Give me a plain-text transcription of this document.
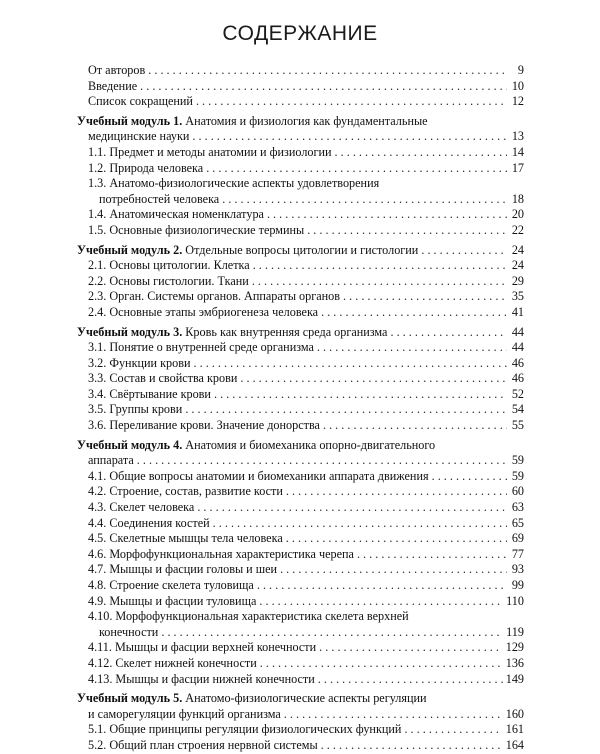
СОДЕРЖАНИЕ
От авторов . . .	9
Введение . . .	10
Список сокращений . . .	12
Учебный модуль 1. Анатомия и физиология как фундаментальные
медицинские науки . . .	13
1.1. Предмет и методы анатомии и физиологии . . .	14
1.2. Природа человека . . .	17
1.3. Анатомо-физиологические аспекты удовлетворения
потребностей человека . . .	18
1.4. Анатомическая номенклатура . . .	20
1.5. Основные физиологические термины . . .	22
Учебный модуль 2. Отдельные вопросы цитологии и гистологии . . .	24
2.1. Основы цитологии. Клетка . . .	24
2.2. Основы гистологии. Ткани . . .	29
2.3. Орган. Системы органов. Аппараты органов . . .	35
2.4. Основные этапы эмбриогенеза человека . . .	41
Учебный модуль 3. Кровь как внутренняя среда организма . . .	44
3.1. Понятие о внутренней среде организма . . .	44
3.2. Функции крови . . .	46
3.3. Состав и свойства крови . . .	46
3.4. Свёртывание крови . . .	52
3.5. Группы крови . . .	54
3.6. Переливание крови. Значение донорства . . .	55
Учебный модуль 4. Анатомия и биомеханика опорно-двигательного
аппарата . . .	59
4.1. Общие вопросы анатомии и биомеханики аппарата движения . . .	59
4.2. Строение, состав, развитие кости . . .	60
4.3. Скелет человека . . .	63
4.4. Соединения костей . . .	65
4.5. Скелетные мышцы тела человека . . .	69
4.6. Морфофункциональная характеристика черепа . . .	77
4.7. Мышцы и фасции головы и шеи . . .	93
4.8. Строение скелета туловища . . .	99
4.9. Мышцы и фасции туловища . . .	110
4.10. Морфофункциональная характеристика скелета верхней
конечности . . .	119
4.11. Мышцы и фасции верхней конечности . . .	129
4.12. Скелет нижней конечности . . .	136
4.13. Мышцы и фасции нижней конечности . . .	149
Учебный модуль 5. Анатомо-физиологические аспекты регуляции
и саморегуляции функций организма . . .	160
5.1. Общие принципы регуляции физиологических функций . . .	161
5.2. Общий план строения нервной системы . . .	164
